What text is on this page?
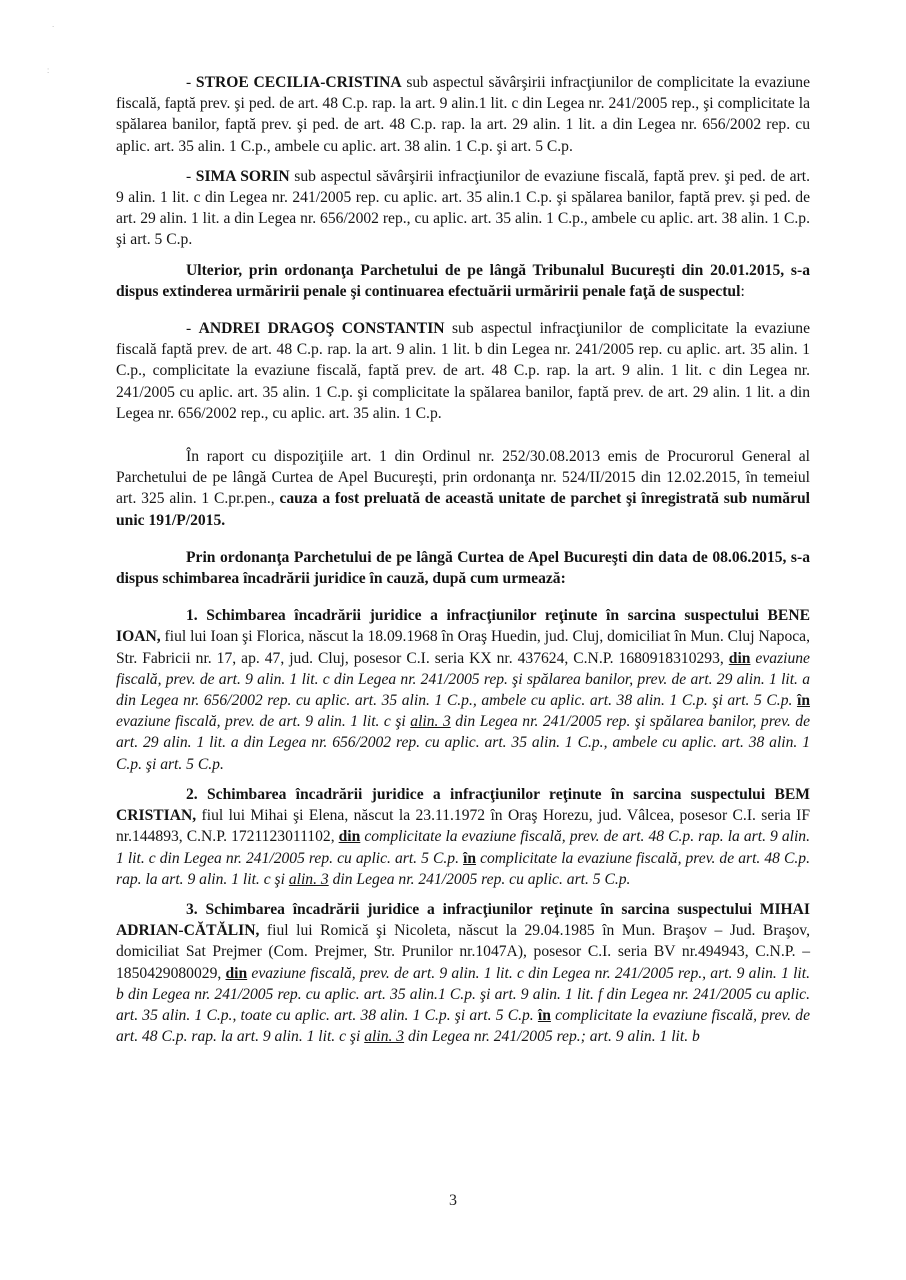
.
:

- STROE CECILIA-CRISTINA sub aspectul săvârşirii infracţiunilor de complicitate la evaziune fiscală, faptă prev. şi ped. de art. 48 C.p. rap. la art. 9 alin.1 lit. c din Legea nr. 241/2005 rep., şi complicitate la spălarea banilor, faptă prev. şi ped. de art. 48 C.p. rap. la art. 29 alin. 1 lit. a din Legea nr. 656/2002 rep. cu aplic. art. 35 alin. 1 C.p., ambele cu aplic. art. 38 alin. 1 C.p. şi art. 5 C.p.

- SIMA SORIN sub aspectul săvârşirii infracţiunilor de evaziune fiscală, faptă prev. şi ped. de art. 9 alin. 1 lit. c din Legea nr. 241/2005 rep. cu aplic. art. 35 alin.1 C.p. şi spălarea banilor, faptă prev. şi ped. de art. 29 alin. 1 lit. a din Legea nr. 656/2002 rep., cu aplic. art. 35 alin. 1 C.p., ambele cu aplic. art. 38 alin. 1 C.p. şi art. 5 C.p.

Ulterior, prin ordonanţa Parchetului de pe lângă Tribunalul Bucureşti din 20.01.2015, s-a dispus extinderea urmăririi penale şi continuarea efectuării urmăririi penale faţă de suspectul:

- ANDREI DRAGOŞ CONSTANTIN sub aspectul infracţiunilor de complicitate la evaziune fiscală faptă prev. de art. 48 C.p. rap. la art. 9 alin. 1 lit. b din Legea nr. 241/2005 rep. cu aplic. art. 35 alin. 1 C.p., complicitate la evaziune fiscală, faptă prev. de art. 48 C.p. rap. la art. 9 alin. 1 lit. c din Legea nr. 241/2005 cu aplic. art. 35 alin. 1 C.p. şi complicitate la spălarea banilor, faptă prev. de art. 29 alin. 1 lit. a din Legea nr. 656/2002 rep., cu aplic. art. 35 alin. 1 C.p.

În raport cu dispoziţiile art. 1 din Ordinul nr. 252/30.08.2013 emis de Procurorul General al Parchetului de pe lângă Curtea de Apel Bucureşti, prin ordonanţa nr. 524/II/2015 din 12.02.2015, în temeiul art. 325 alin. 1 C.pr.pen., cauza a fost preluată de această unitate de parchet şi înregistrată sub numărul unic 191/P/2015.

Prin ordonanţa Parchetului de pe lângă Curtea de Apel Bucureşti din data de 08.06.2015, s-a dispus schimbarea încadrării juridice în cauză, după cum urmează:

1. Schimbarea încadrării juridice a infracţiunilor reţinute în sarcina suspectului BENE IOAN, fiul lui Ioan şi Florica, născut la 18.09.1968 în Oraş Huedin, jud. Cluj, domiciliat în Mun. Cluj Napoca, Str. Fabricii nr. 17, ap. 47, jud. Cluj, posesor C.I. seria KX nr. 437624, C.N.P. 1680918310293, din evaziune fiscală, prev. de art. 9 alin. 1 lit. c din Legea nr. 241/2005 rep. şi spălarea banilor, prev. de art. 29 alin. 1 lit. a din Legea nr. 656/2002 rep. cu aplic. art. 35 alin. 1 C.p., ambele cu aplic. art. 38 alin. 1 C.p. şi art. 5 C.p. în evaziune fiscală, prev. de art. 9 alin. 1 lit. c şi alin. 3 din Legea nr. 241/2005 rep. şi spălarea banilor, prev. de art. 29 alin. 1 lit. a din Legea nr. 656/2002 rep. cu aplic. art. 35 alin. 1 C.p., ambele cu aplic. art. 38 alin. 1 C.p. şi art. 5 C.p.

2. Schimbarea încadrării juridice a infracţiunilor reţinute în sarcina suspectului BEM CRISTIAN, fiul lui Mihai şi Elena, născut la 23.11.1972 în Oraş Horezu, jud. Vâlcea, posesor C.I. seria IF nr.144893, C.N.P. 1721123011102, din complicitate la evaziune fiscală, prev. de art. 48 C.p. rap. la art. 9 alin. 1 lit. c din Legea nr. 241/2005 rep. cu aplic. art. 5 C.p. în complicitate la evaziune fiscală, prev. de art. 48 C.p. rap. la art. 9 alin. 1 lit. c şi alin. 3 din Legea nr. 241/2005 rep. cu aplic. art. 5 C.p.

3. Schimbarea încadrării juridice a infracţiunilor reţinute în sarcina suspectului MIHAI ADRIAN-CĂTĂLIN, fiul lui Romică şi Nicoleta, născut la 29.04.1985 în Mun. Braşov – Jud. Braşov, domiciliat Sat Prejmer (Com. Prejmer, Str. Prunilor nr.1047A), posesor C.I. seria BV nr.494943, C.N.P. – 1850429080029, din evaziune fiscală, prev. de art. 9 alin. 1 lit. c din Legea nr. 241/2005 rep., art. 9 alin. 1 lit. b din Legea nr. 241/2005 rep. cu aplic. art. 35 alin.1 C.p. şi art. 9 alin. 1 lit. f din Legea nr. 241/2005 cu aplic. art. 35 alin. 1 C.p., toate cu aplic. art. 38 alin. 1 C.p. şi art. 5 C.p. în complicitate la evaziune fiscală, prev. de art. 48 C.p. rap. la art. 9 alin. 1 lit. c şi alin. 3 din Legea nr. 241/2005 rep.; art. 9 alin. 1 lit. b

3
